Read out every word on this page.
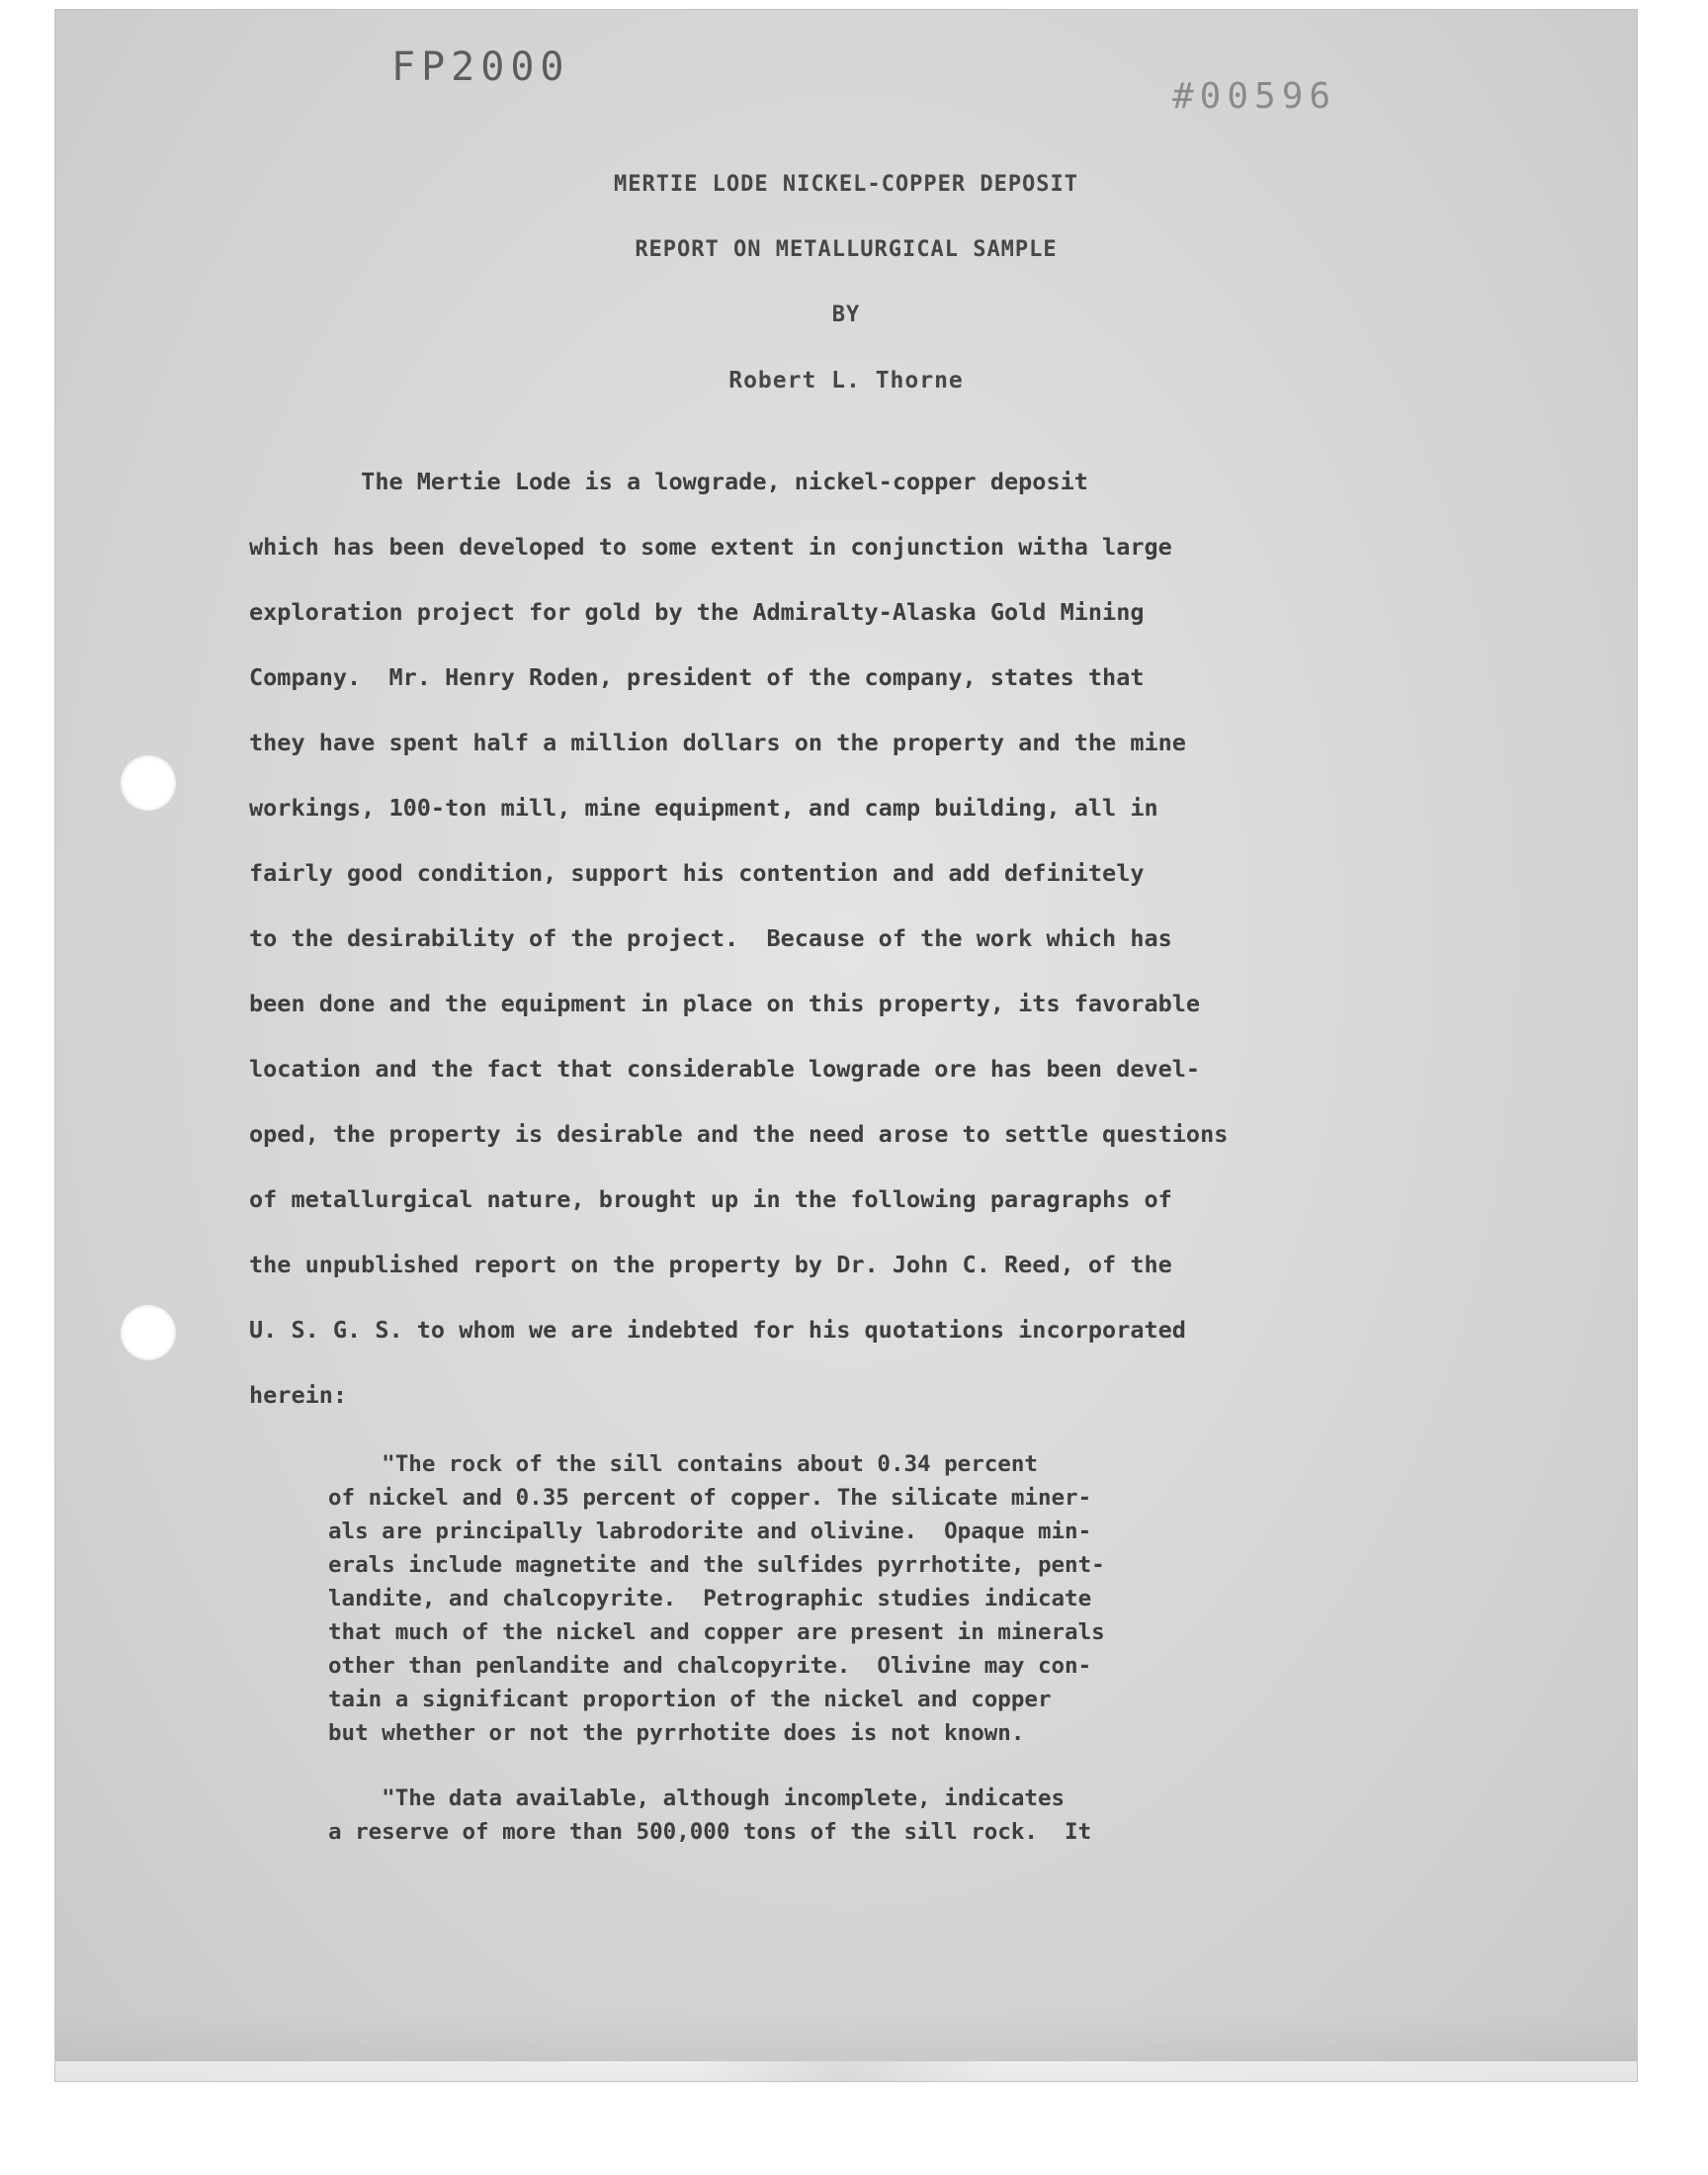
FP2000
#00596
MERTIE LODE NICKEL-COPPER DEPOSIT
REPORT ON METALLURGICAL SAMPLE
BY
Robert L. Thorne
The Mertie Lode is a lowgrade, nickel-copper deposit
which has been developed to some extent in conjunction witha large
exploration project for gold by the Admiralty-Alaska Gold Mining
Company.  Mr. Henry Roden, president of the company, states that
they have spent half a million dollars on the property and the mine
workings, 100-ton mill, mine equipment, and camp building, all in
fairly good condition, support his contention and add definitely
to the desirability of the project.  Because of the work which has
been done and the equipment in place on this property, its favorable
location and the fact that considerable lowgrade ore has been devel-
oped, the property is desirable and the need arose to settle questions
of metallurgical nature, brought up in the following paragraphs of
the unpublished report on the property by Dr. John C. Reed, of the
U. S. G. S. to whom we are indebted for his quotations incorporated
herein:
"The rock of the sill contains about 0.34 percent
of nickel and 0.35 percent of copper. The silicate miner-
als are principally labrodorite and olivine.  Opaque min-
erals include magnetite and the sulfides pyrrhotite, pent-
landite, and chalcopyrite.  Petrographic studies indicate
that much of the nickel and copper are present in minerals
other than penlandite and chalcopyrite.  Olivine may con-
tain a significant proportion of the nickel and copper
but whether or not the pyrrhotite does is not known.
"The data available, although incomplete, indicates
a reserve of more than 500,000 tons of the sill rock.  It
